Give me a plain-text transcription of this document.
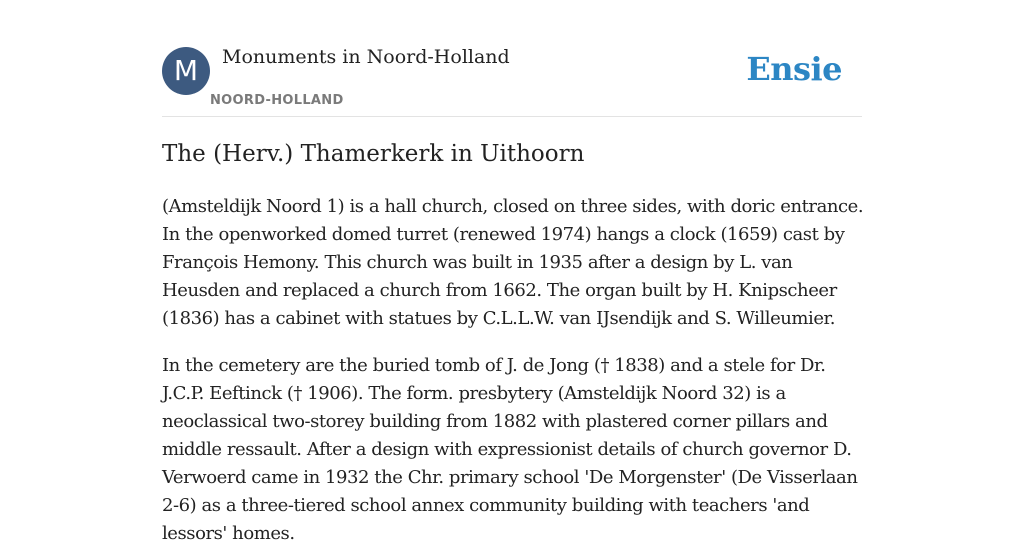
M	Monuments in Noord-Holland
NOORD-HOLLAND
Ensie
The (Herv.) Thamerkerk in Uithoorn

(Amsteldijk Noord 1) is a hall church, closed on three sides, with doric entrance. In the openworked domed turret (renewed 1974) hangs a clock (1659) cast by François Hemony. This church was built in 1935 after a design by L. van Heusden and replaced a church from 1662. The organ built by H. Knipscheer (1836) has a cabinet with statues by C.L.L.W. van IJsendijk and S. Willeumier.

In the cemetery are the buried tomb of J. de Jong († 1838) and a stele for Dr. J.C.P. Eeftinck († 1906). The form. presbytery (Amsteldijk Noord 32) is a neoclassical two-storey building from 1882 with plastered corner pillars and middle ressault. After a design with expressionist details of church governor D. Verwoerd came in 1932 the Chr. primary school 'De Morgenster' (De Visserlaan 2-6) as a three-tiered school annex community building with teachers 'and lessors' homes.
